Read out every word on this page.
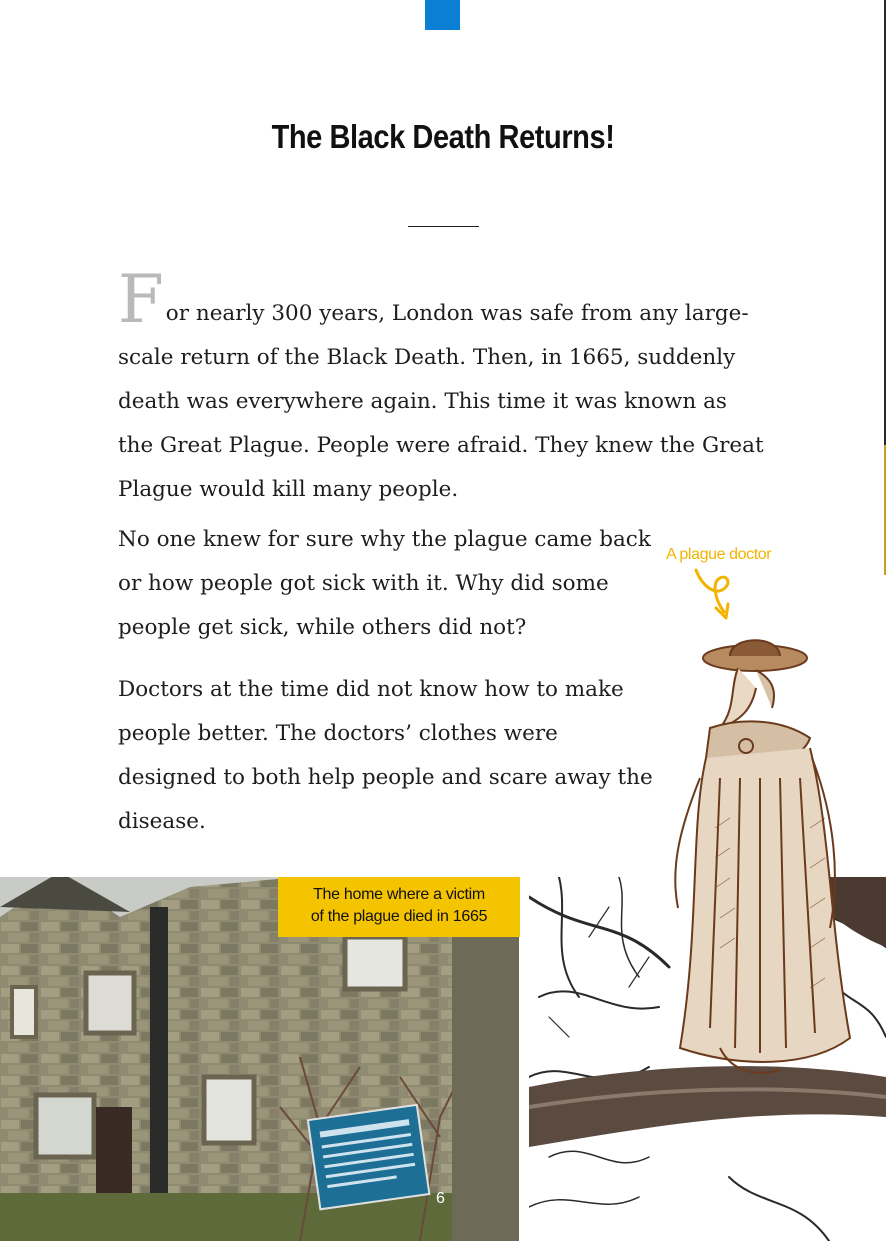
The Black Death Returns!

For nearly 300 years, London was safe from any large-scale return of the Black Death. Then, in 1665, suddenly death was everywhere again. This time it was known as the Great Plague. People were afraid. They knew the Great Plague would kill many people.

No one knew for sure why the plague came back or how people got sick with it. Why did some people get sick, while others did not?

Doctors at the time did not know how to make people better. The doctors’ clothes were designed to both help people and scare away the disease.

A plague doctor
The home where a victim
of the plague died in 1665
6
